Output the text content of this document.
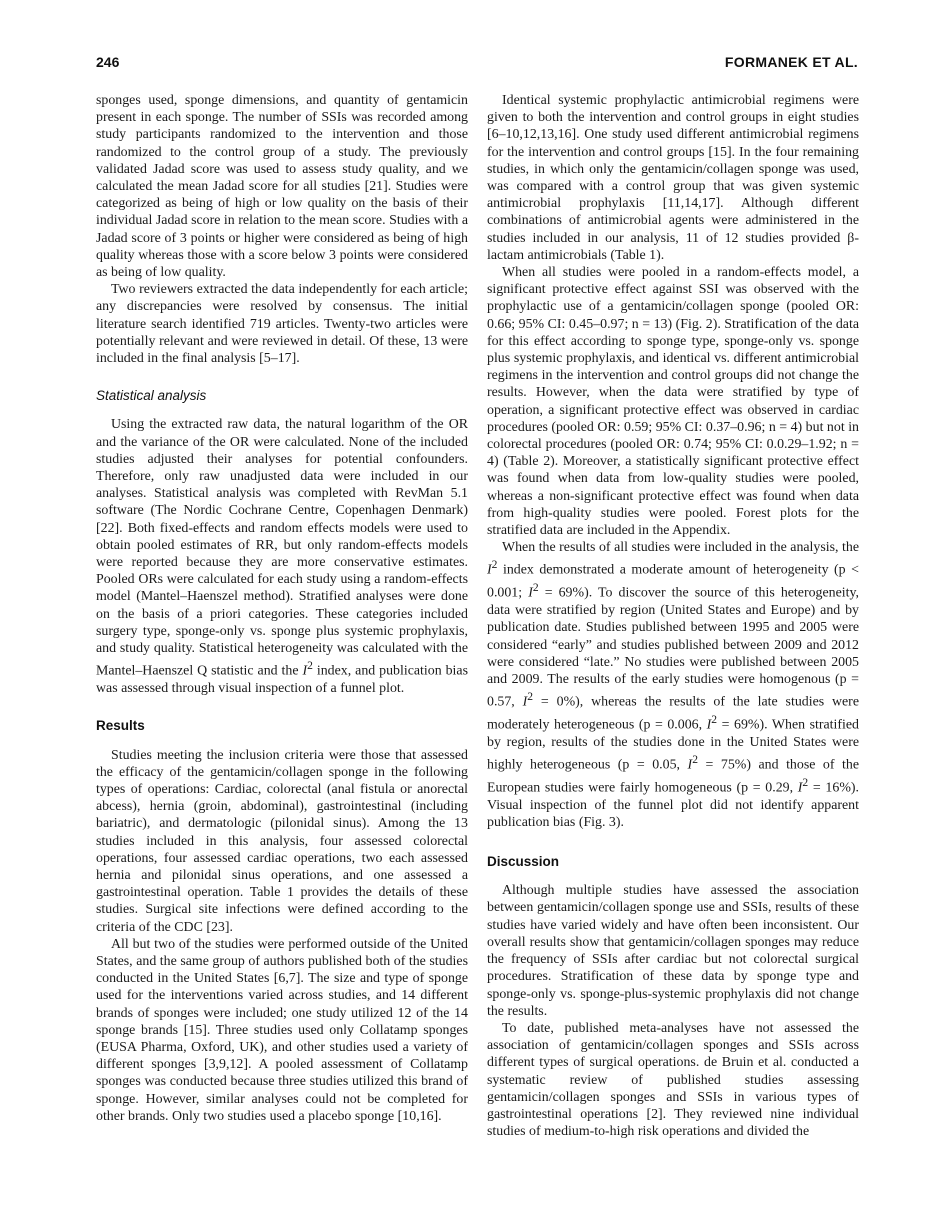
246	FORMANEK ET AL.

sponges used, sponge dimensions, and quantity of gentamicin present in each sponge. The number of SSIs was recorded among study participants randomized to the intervention and those randomized to the control group of a study. The previously validated Jadad score was used to assess study quality, and we calculated the mean Jadad score for all studies [21]. Studies were categorized as being of high or low quality on the basis of their individual Jadad score in relation to the mean score. Studies with a Jadad score of 3 points or higher were considered as being of high quality whereas those with a score below 3 points were considered as being of low quality.

Two reviewers extracted the data independently for each article; any discrepancies were resolved by consensus. The initial literature search identified 719 articles. Twenty-two articles were potentially relevant and were reviewed in detail. Of these, 13 were included in the final analysis [5–17].

Statistical analysis

Using the extracted raw data, the natural logarithm of the OR and the variance of the OR were calculated. None of the included studies adjusted their analyses for potential confounders. Therefore, only raw unadjusted data were included in our analyses. Statistical analysis was completed with RevMan 5.1 software (The Nordic Cochrane Centre, Copenhagen Denmark) [22]. Both fixed-effects and random effects models were used to obtain pooled estimates of RR, but only random-effects models were reported because they are more conservative estimates. Pooled ORs were calculated for each study using a random-effects model (Mantel–Haenszel method). Stratified analyses were done on the basis of a priori categories. These categories included surgery type, sponge-only vs. sponge plus systemic prophylaxis, and study quality. Statistical heterogeneity was calculated with the Mantel–Haenszel Q statistic and the $I^2$ index, and publication bias was assessed through visual inspection of a funnel plot.

Results

Studies meeting the inclusion criteria were those that assessed the efficacy of the gentamicin/collagen sponge in the following types of operations: Cardiac, colorectal (anal fistula or anorectal abcess), hernia (groin, abdominal), gastrointestinal (including bariatric), and dermatologic (pilonidal sinus). Among the 13 studies included in this analysis, four assessed colorectal operations, four assessed cardiac operations, two each assessed hernia and pilonidal sinus operations, and one assessed a gastrointestinal operation. Table 1 provides the details of these studies. Surgical site infections were defined according to the criteria of the CDC [23].

All but two of the studies were performed outside of the United States, and the same group of authors published both of the studies conducted in the United States [6,7]. The size and type of sponge used for the interventions varied across studies, and 14 different brands of sponges were included; one study utilized 12 of the 14 sponge brands [15]. Three studies used only Collatamp sponges (EUSA Pharma, Oxford, UK), and other studies used a variety of different sponges [3,9,12]. A pooled assessment of Collatamp sponges was conducted because three studies utilized this brand of sponge. However, similar analyses could not be completed for other brands. Only two studies used a placebo sponge [10,16].

Identical systemic prophylactic antimicrobial regimens were given to both the intervention and control groups in eight studies [6–10,12,13,16]. One study used different antimicrobial regimens for the intervention and control groups [15]. In the four remaining studies, in which only the gentamicin/collagen sponge was used, was compared with a control group that was given systemic antimicrobial prophylaxis [11,14,17]. Although different combinations of antimicrobial agents were administered in the studies included in our analysis, 11 of 12 studies provided β-lactam antimicrobials (Table 1).

When all studies were pooled in a random-effects model, a significant protective effect against SSI was observed with the prophylactic use of a gentamicin/collagen sponge (pooled OR: 0.66; 95% CI: 0.45–0.97; n = 13) (Fig. 2). Stratification of the data for this effect according to sponge type, sponge-only vs. sponge plus systemic prophylaxis, and identical vs. different antimicrobial regimens in the intervention and control groups did not change the results. However, when the data were stratified by type of operation, a significant protective effect was observed in cardiac procedures (pooled OR: 0.59; 95% CI: 0.37–0.96; n = 4) but not in colorectal procedures (pooled OR: 0.74; 95% CI: 0.0.29–1.92; n = 4) (Table 2). Moreover, a statistically significant protective effect was found when data from low-quality studies were pooled, whereas a non-significant protective effect was found when data from high-quality studies were pooled. Forest plots for the stratified data are included in the Appendix.

When the results of all studies were included in the analysis, the $I^2$ index demonstrated a moderate amount of heterogeneity (p < 0.001; $I^2 = 69\%$). To discover the source of this heterogeneity, data were stratified by region (United States and Europe) and by publication date. Studies published between 1995 and 2005 were considered “early” and studies published between 2009 and 2012 were considered “late.” No studies were published between 2005 and 2009. The results of the early studies were homogenous (p = 0.57, $I^2 = 0\%$), whereas the results of the late studies were moderately heterogeneous (p = 0.006, $I^2 = 69\%$). When stratified by region, results of the studies done in the United States were highly heterogeneous (p = 0.05, $I^2 = 75\%$) and those of the European studies were fairly homogeneous (p = 0.29, $I^2 = 16\%$). Visual inspection of the funnel plot did not identify apparent publication bias (Fig. 3).

Discussion

Although multiple studies have assessed the association between gentamicin/collagen sponge use and SSIs, results of these studies have varied widely and have often been inconsistent. Our overall results show that gentamicin/collagen sponges may reduce the frequency of SSIs after cardiac but not colorectal surgical procedures. Stratification of these data by sponge type and sponge-only vs. sponge-plus-systemic prophylaxis did not change the results.

To date, published meta-analyses have not assessed the association of gentamicin/collagen sponges and SSIs across different types of surgical operations. de Bruin et al. conducted a systematic review of published studies assessing gentamicin/collagen sponges and SSIs in various types of gastrointestinal operations [2]. They reviewed nine individual studies of medium-to-high risk operations and divided the
